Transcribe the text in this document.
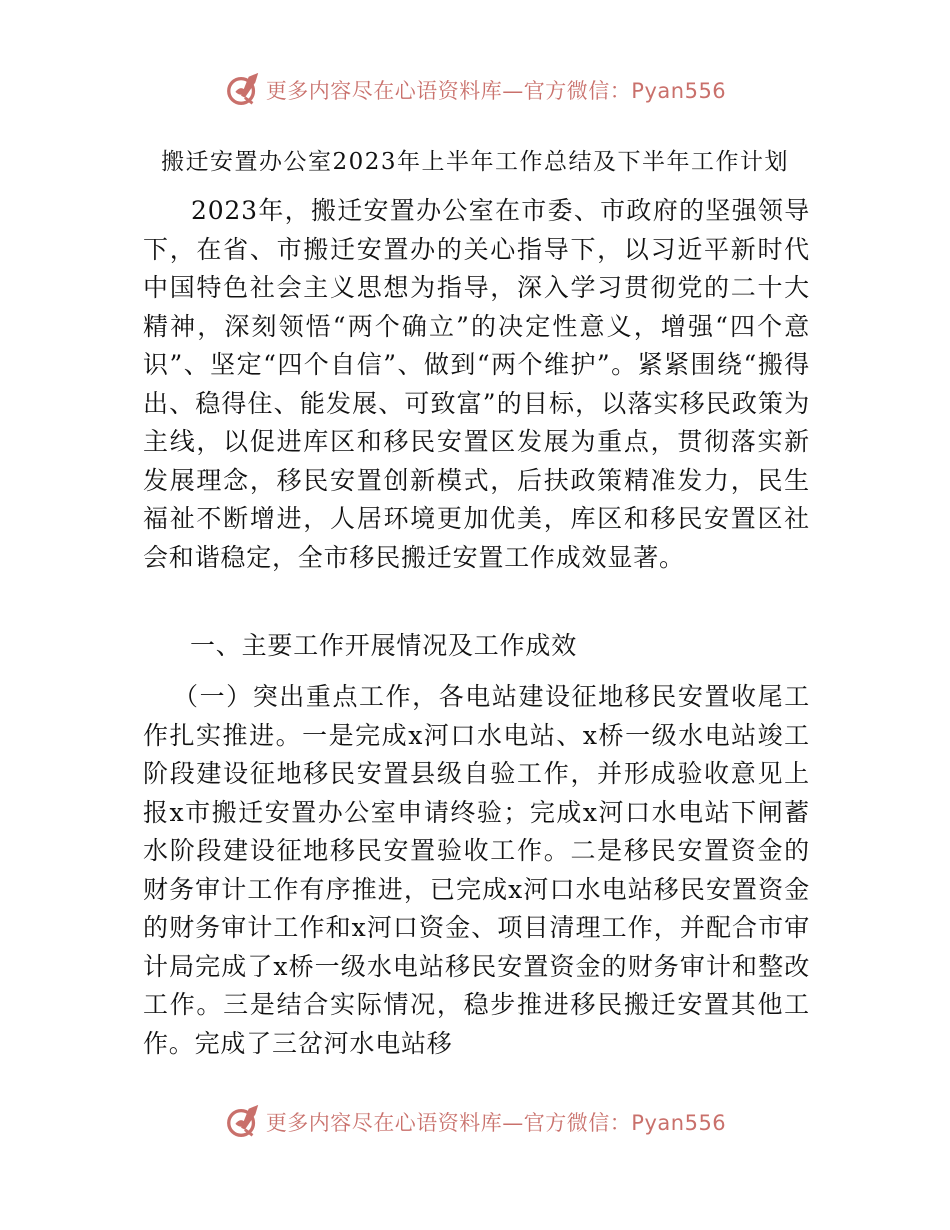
更多内容尽在心语资料库—官方微信：Pyan556
搬迁安置办公室2023年上半年工作总结及下半年工作计划

2023年，搬迁安置办公室在市委、市政府的坚强领导下，在省、市搬迁安置办的关心指导下，以习近平新时代中国特色社会主义思想为指导，深入学习贯彻党的二十大精神，深刻领悟“两个确立”的决定性意义，增强“四个意识”、坚定“四个自信”、做到“两个维护”。紧紧围绕“搬得出、稳得住、能发展、可致富”的目标，以落实移民政策为主线，以促进库区和移民安置区发展为重点，贯彻落实新发展理念，移民安置创新模式，后扶政策精准发力，民生福祉不断增进，人居环境更加优美，库区和移民安置区社会和谐稳定，全市移民搬迁安置工作成效显著。

一、主要工作开展情况及工作成效

（一）突出重点工作，各电站建设征地移民安置收尾工作扎实推进。一是完成x河口水电站、x桥一级水电站竣工阶段建设征地移民安置县级自验工作，并形成验收意见上报x市搬迁安置办公室申请终验；完成x河口水电站下闸蓄水阶段建设征地移民安置验收工作。二是移民安置资金的财务审计工作有序推进，已完成x河口水电站移民安置资金的财务审计工作和x河口资金、项目清理工作，并配合市审计局完成了x桥一级水电站移民安置资金的财务审计和整改工作。三是结合实际情况，稳步推进移民搬迁安置其他工作。完成了三岔河水电站移

更多内容尽在心语资料库—官方微信：Pyan556
